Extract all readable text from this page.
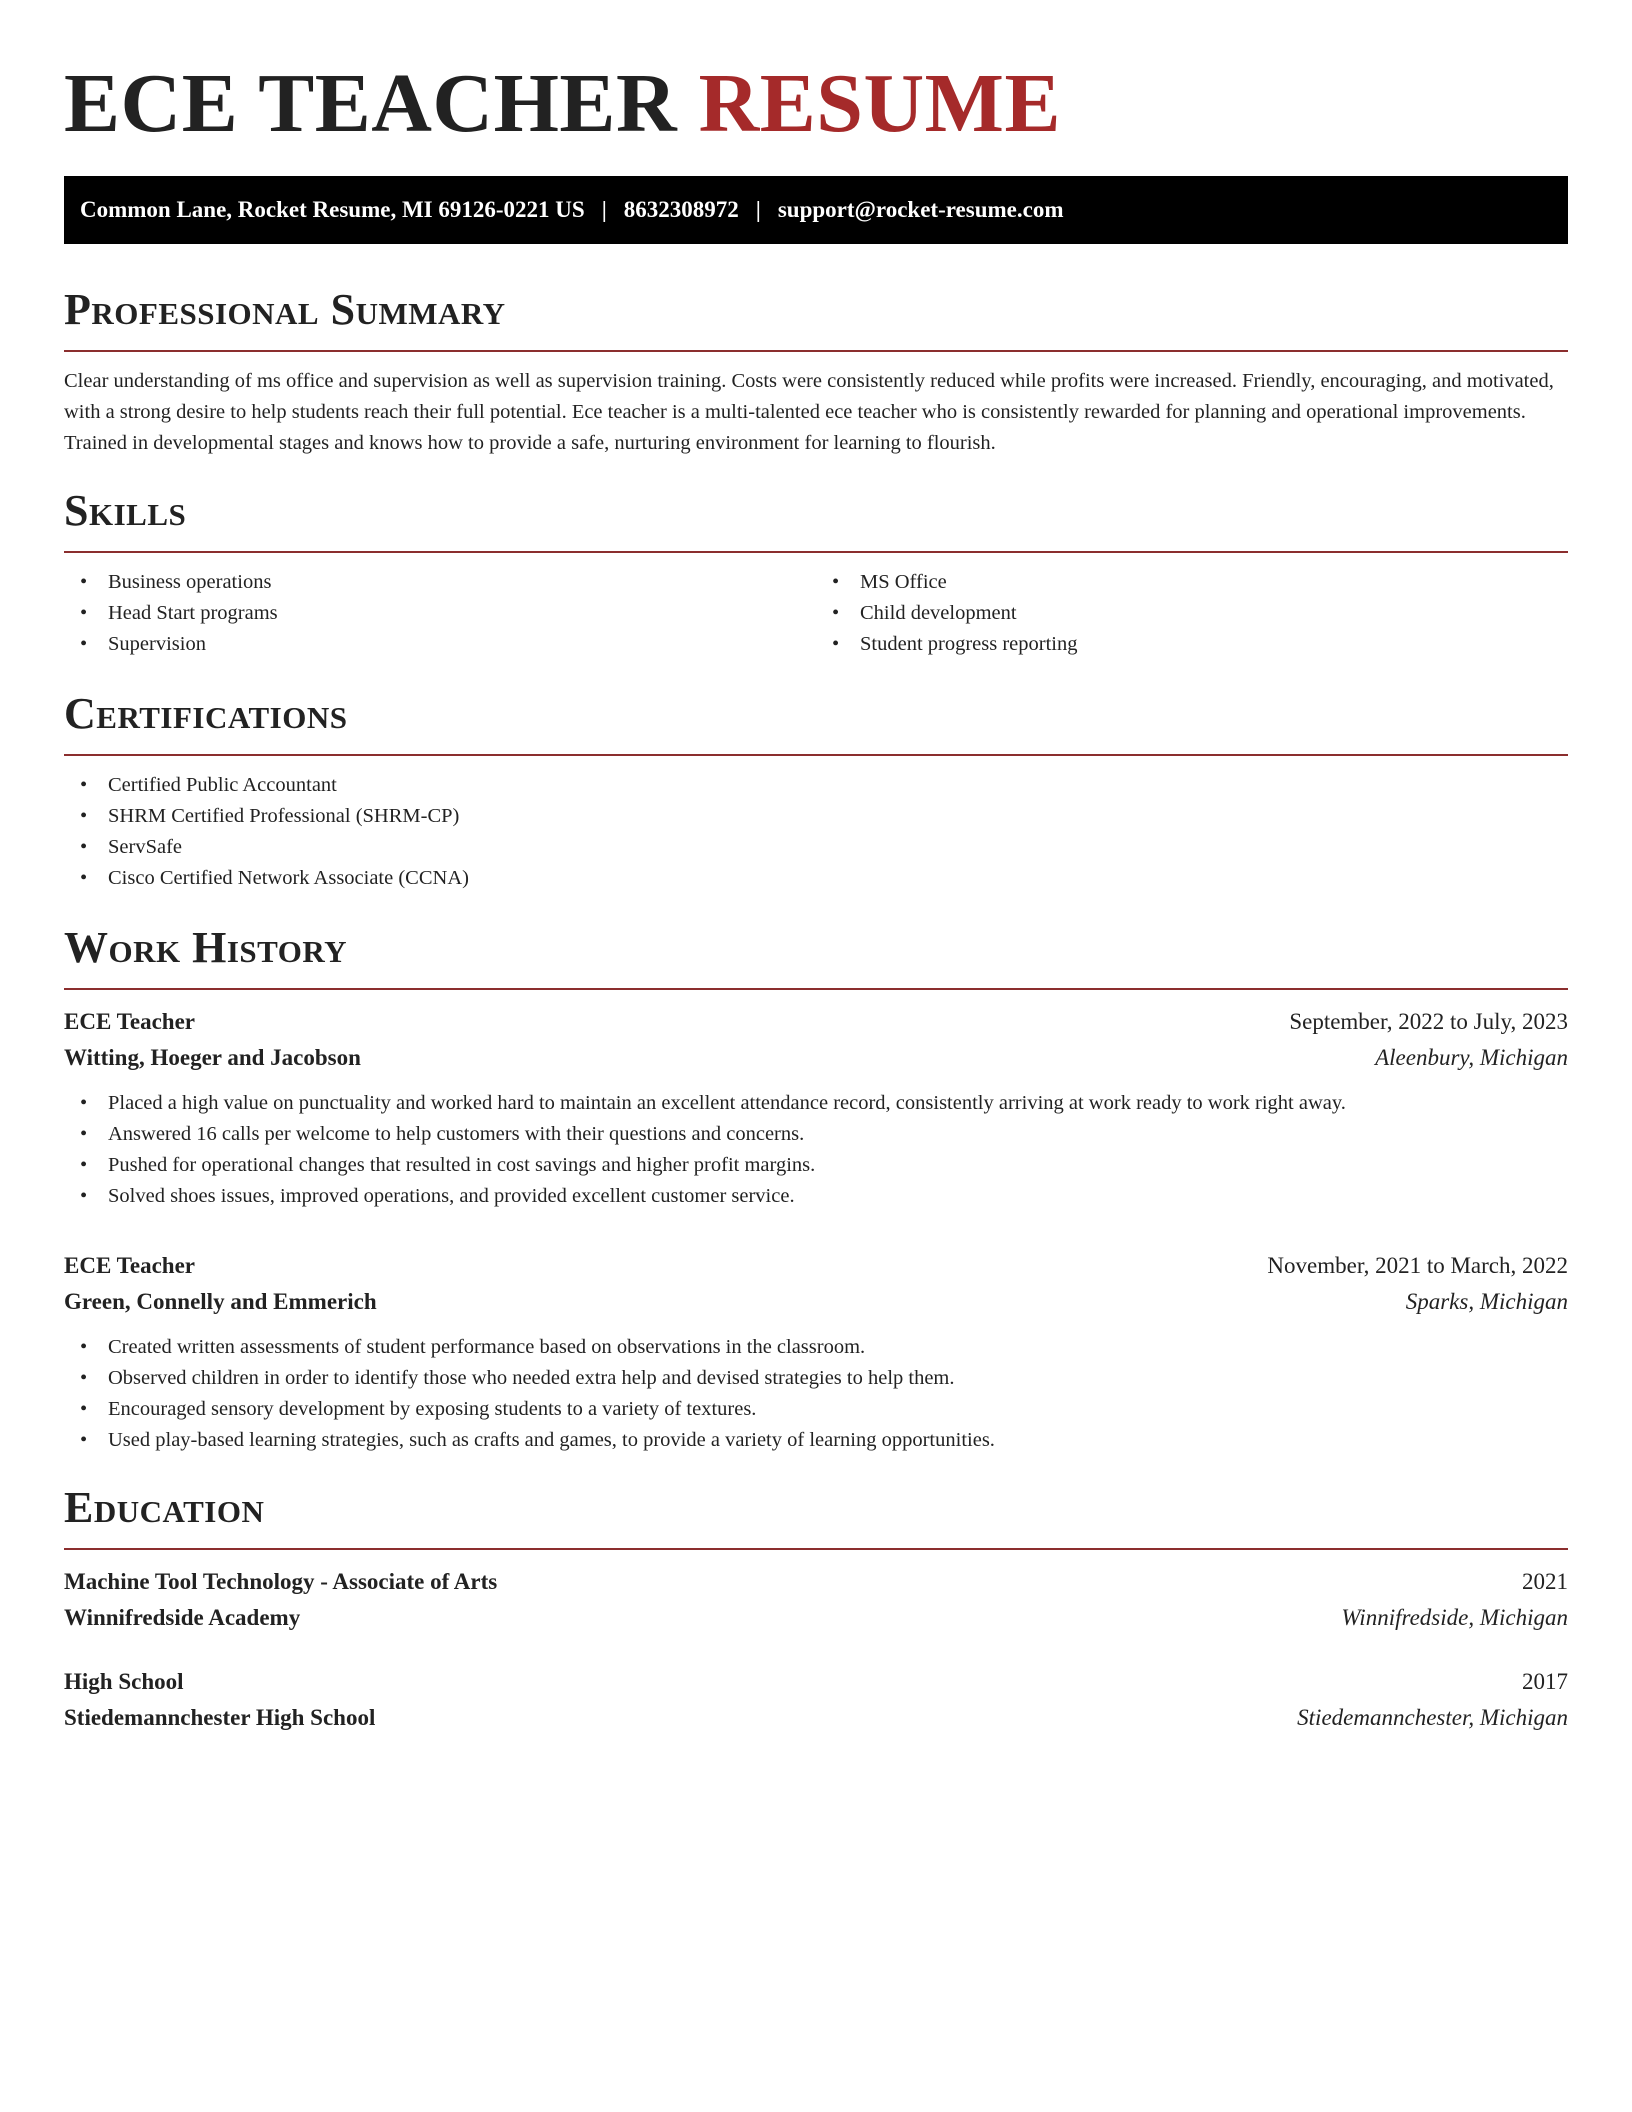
ECE TEACHER RESUME
Common Lane, Rocket Resume, MI 69126-0221 US | 8632308972 | support@rocket-resume.com
Professional Summary

Clear understanding of ms office and supervision as well as supervision training. Costs were consistently reduced while profits were increased. Friendly, encouraging, and motivated, with a strong desire to help students reach their full potential. Ece teacher is a multi-talented ece teacher who is consistently rewarded for planning and operational improvements. Trained in developmental stages and knows how to provide a safe, nurturing environment for learning to flourish.

Skills
• Business operations
• Head Start programs
• Supervision
• MS Office
• Child development
• Student progress reporting
Certifications
• Certified Public Accountant
• SHRM Certified Professional (SHRM-CP)
• ServSafe
• Cisco Certified Network Associate (CCNA)
Work History
ECE Teacher	September, 2022 to July, 2023
Witting, Hoeger and Jacobson	Aleenbury, Michigan
• Placed a high value on punctuality and worked hard to maintain an excellent attendance record, consistently arriving at work ready to work right away.
• Answered 16 calls per welcome to help customers with their questions and concerns.
• Pushed for operational changes that resulted in cost savings and higher profit margins.
• Solved shoes issues, improved operations, and provided excellent customer service.
ECE Teacher	November, 2021 to March, 2022
Green, Connelly and Emmerich	Sparks, Michigan
• Created written assessments of student performance based on observations in the classroom.
• Observed children in order to identify those who needed extra help and devised strategies to help them.
• Encouraged sensory development by exposing students to a variety of textures.
• Used play-based learning strategies, such as crafts and games, to provide a variety of learning opportunities.
Education
Machine Tool Technology - Associate of Arts	2021
Winnifredside Academy	Winnifredside, Michigan
High School	2017
Stiedemannchester High School	Stiedemannchester, Michigan
